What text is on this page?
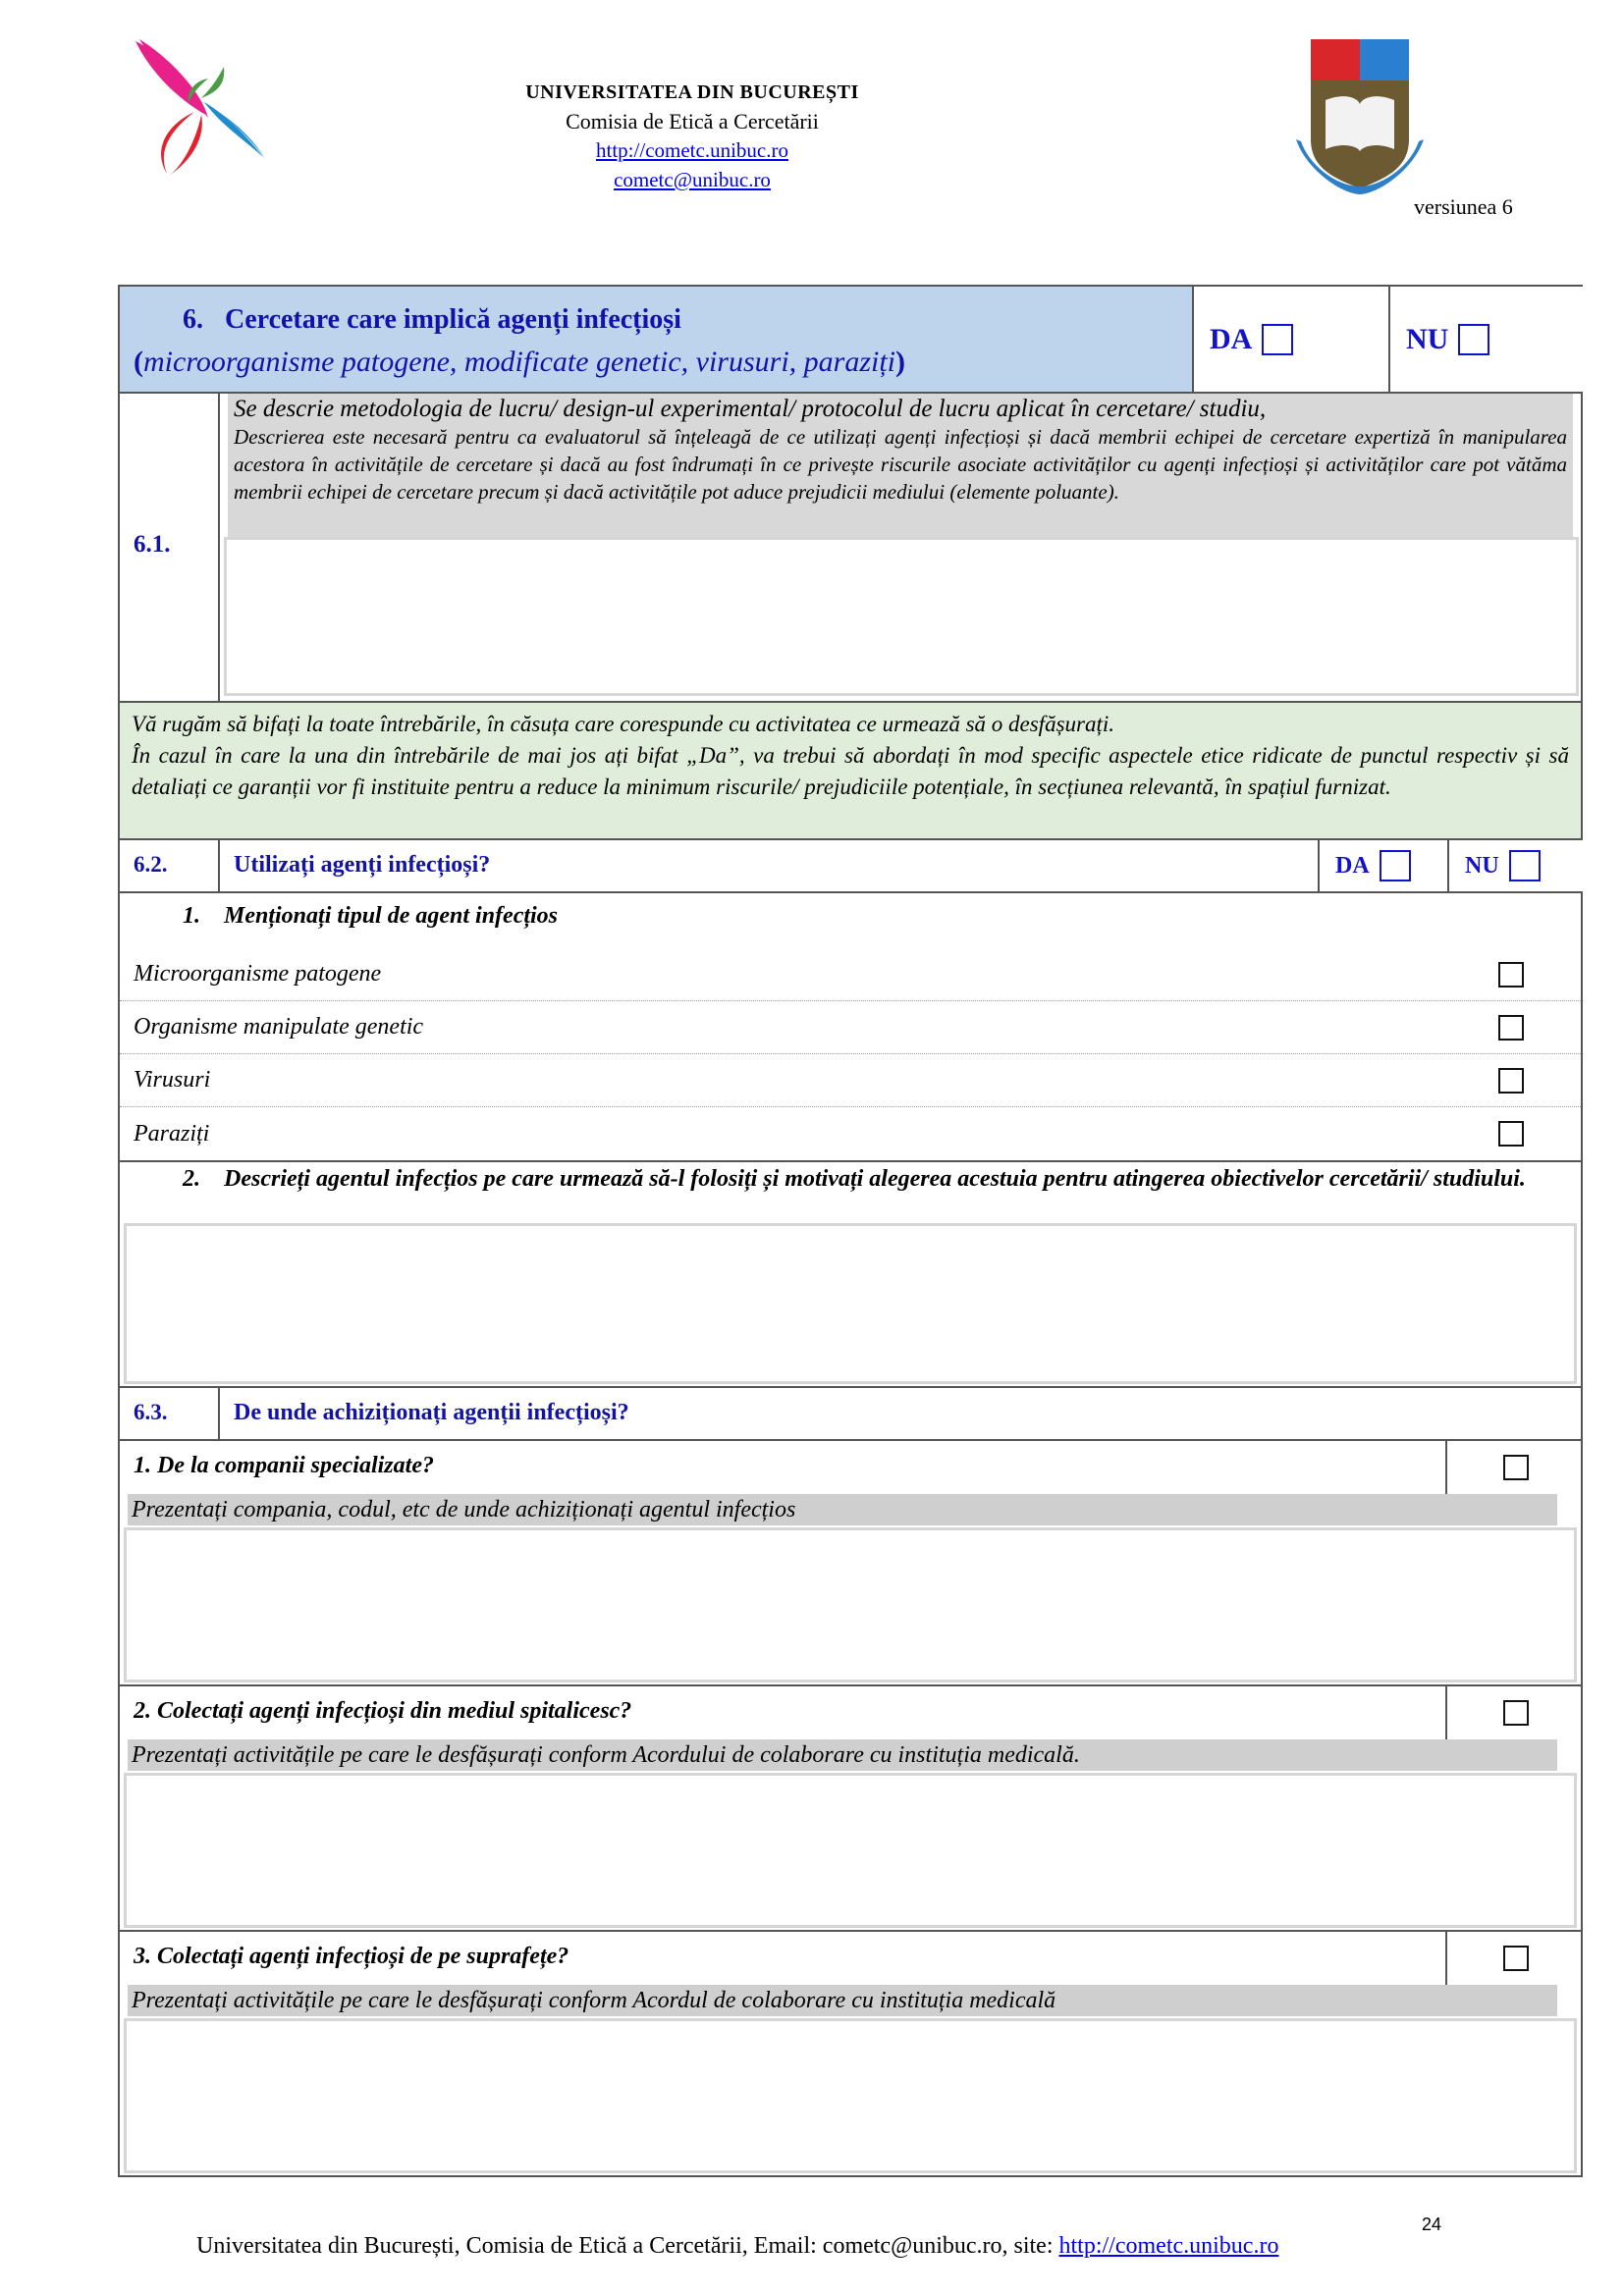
UNIVERSITATEA DIN BUCUREȘTI
Comisia de Etică a Cercetării
http://cometc.unibuc.ro
cometc@unibuc.ro
versiunea 6
6. Cercetare care implică agenți infecțioși
(microorganisme patogene, modificate genetic, virusuri, paraziți)
DA	NU
6.1.
Se descrie metodologia de lucru/ design-ul experimental/ protocolul de lucru aplicat în cercetare/ studiu,
Descrierea este necesară pentru ca evaluatorul să înțeleagă de ce utilizați agenți infecțioși și dacă membrii echipei de cercetare expertiză în manipularea acestora în activitățile de cercetare și dacă au fost îndrumați în ce privește riscurile asociate activităților cu agenți infecțioși și activităților care pot vătăma membrii echipei de cercetare precum și dacă activitățile pot aduce prejudicii mediului (elemente poluante).
Vă rugăm să bifați la toate întrebările, în căsuța care corespunde cu activitatea ce urmează să o desfășurați.
În cazul în care la una din întrebările de mai jos ați bifat „Da”, va trebui să abordați în mod specific aspectele etice ridicate de punctul respectiv și să detaliați ce garanții vor fi instituite pentru a reduce la minimum riscurile/ prejudiciile potențiale, în secțiunea relevantă, în spațiul furnizat.
6.2.	Utilizați agenți infecțioși?	DA	NU
1. Menționați tipul de agent infecțios
Microorganisme patogene
Organisme manipulate genetic
Virusuri
Paraziți
2. Descrieți agentul infecțios pe care urmează să-l folosiți și motivați alegerea acestuia pentru atingerea obiectivelor cercetării/ studiului.
6.3.	De unde achiziționați agenții infecțioși?
1. De la companii specializate?
Prezentați compania, codul, etc de unde achiziționați agentul infecțios
2. Colectați agenți infecțioși din mediul spitalicesc?
Prezentați activitățile pe care le desfășurați conform Acordului de colaborare cu instituția medicală.
3. Colectați agenți infecțioși de pe suprafețe?
Prezentați activitățile pe care le desfășurați conform Acordul de colaborare cu instituția medicală
24
Universitatea din București, Comisia de Etică a Cercetării, Email: cometc@unibuc.ro, site: http://cometc.unibuc.ro
